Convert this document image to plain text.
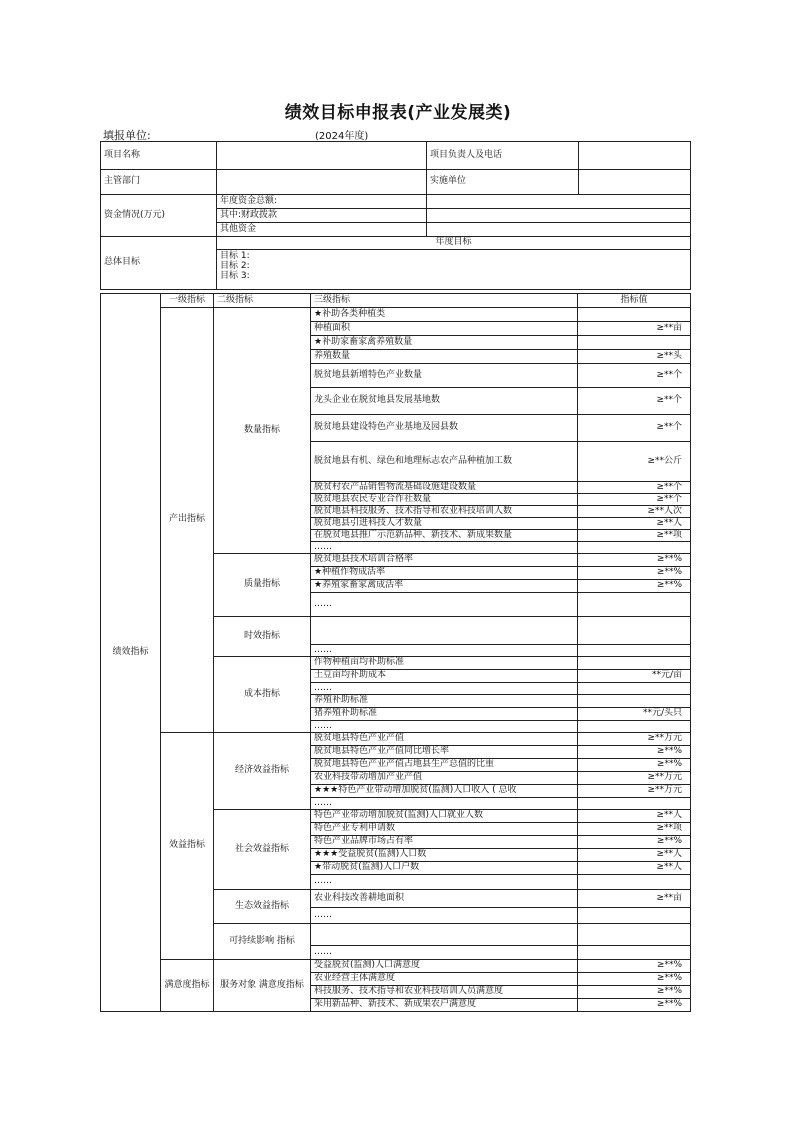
绩效目标申报表(产业发展类)
填报单位:	(2024年度)
项目名称		项目负责人及电话	
主管部门		实施单位	
资金情况(万元)	年度资金总额:		
	其中:财政拨款		
	其他资金		
总体目标	年度目标		

	目标 1:
目标 2:
目标 3:		
绩效指标	一级指标	二级指标	三级指标	指标值
	产出指标	数量指标	★补助各类种植类	
			种植面积	≥**亩
			★补助家畜家禽养殖数量	
			养殖数量	≥**头
			脱贫地县新增特色产业数量	≥**个
			龙头企业在脱贫地县发展基地数	≥**个
			脱贫地县建设特色产业基地及园县数	≥**个
			脱贫地县有机、绿色和地理标志农产品种植加工数	≥**公斤
			脱贫村农产品销售物流基础设施建设数量	≥**个
			脱贫地县农民专业合作社数量	≥**个
			脱贫地县科技服务、技术指导和农业科技培训人数	≥**人次
			脱贫地县引进科技人才数量	≥**人
			在脱贫地县推广示范新品种、新技术、新成果数量	≥**项
			……	
		质量指标	脱贫地县技术培训合格率	≥**%
			★种植作物成活率	≥**%
			★养殖家畜家禽成活率	≥**%
			……	
		时效指标		
			……	
		成本指标	作物种植亩均补助标准	
			土豆亩均补助成本	**元/亩
			……	
			养殖补助标准	
			猪养殖补助标准	**元/头只
			……	
	效益指标	经济效益指标	脱贫地县特色产业产值	≥**万元
			脱贫地县特色产业产值同比增长率	≥**%
			脱贫地县特色产业产值占地县生产总值的比重	≥**%
			农业科技带动增加产业产值	≥**万元
			★★★特色产业带动增加脱贫(监测)人口收入 ( 总收	≥**万元
			……	
		社会效益指标	特色产业带动增加脱贫(监测)人口就业人数	≥**人
			特色产业专利申请数	≥**项
			特色产业品牌市场占有率	≥**%
			★★★受益脱贫(监测)人口数	≥**人
			★带动脱贫(监测)人口户数	≥**人
			……	
		生态效益指标	农业科技改善耕地面积	≥**亩
			……	
		可持续影响 指标		
			……	
	满意度指标	服务对象 满意度指标	受益脱贫(监测)人口满意度	≥**%
			农业经营主体满意度	≥**%
			科技服务、技术指导和农业科技培训人员满意度	≥**%
			采用新品种、新技术、新成果农户满意度	≥**%
